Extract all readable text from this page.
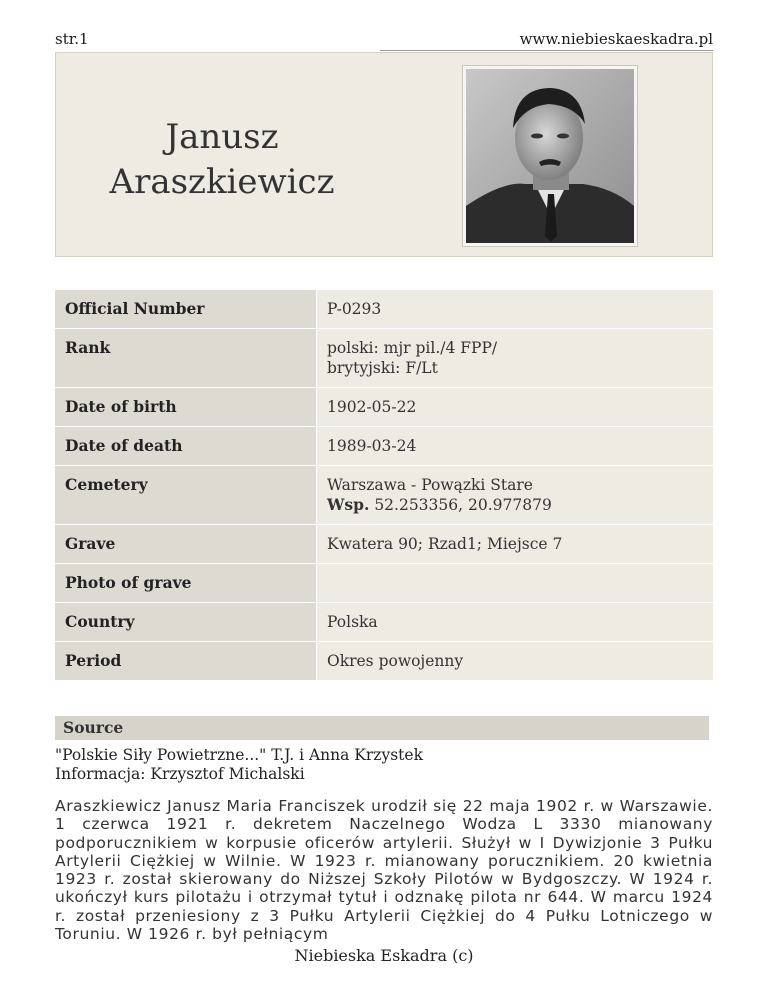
str.1	www.niebieskaeskadra.pl
Janusz
Araszkiewicz
Official Number	P-0293
Rank	polski: mjr pil./4 FPP/
brytyjski: F/Lt

Date of birth	1902-05-22
Date of death	1989-03-24
Cemetery	Warszawa - Powązki Stare
Wsp. 52.253356, 20.977879

Grave	Kwatera 90; Rzad1; Miejsce 7
Photo of grave	
Country	Polska
Period	Okres powojenny
Source
"Polskie Siły Powietrzne..." T.J. i Anna Krzystek
Informacja: Krzysztof Michalski
Araszkiewicz Janusz Maria Franciszek urodził się 22 maja 1902 r. w Warszawie. 1 czerwca 1921 r. dekretem Naczelnego Wodza L 3330 mianowany podporucznikiem w korpusie oficerów artylerii. Służył w I Dywizjonie 3 Pułku Artylerii Ciężkiej w Wilnie. W 1923 r. mianowany porucznikiem. 20 kwietnia 1923 r. został skierowany do Niższej Szkoły Pilotów w Bydgoszczy. W 1924 r. ukończył kurs pilotażu i otrzymał tytuł i odznakę pilota nr 644. W marcu 1924 r. został przeniesiony z 3 Pułku Artylerii Ciężkiej do 4 Pułku Lotniczego w Toruniu. W 1926 r. był pełniącym
Niebieska Eskadra (c)
